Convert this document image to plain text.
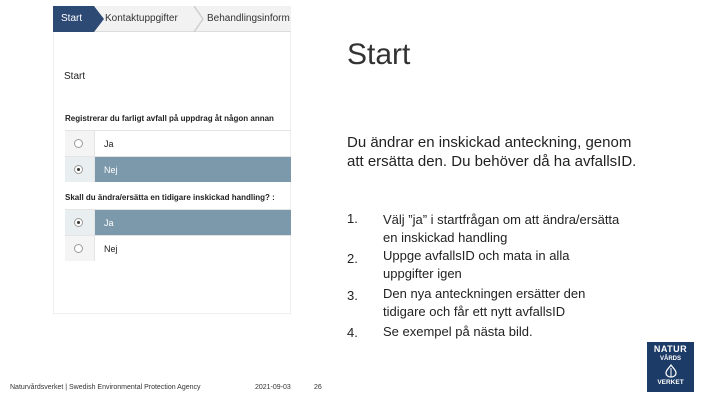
Start	Kontaktuppgifter	Behandlingsinform
Start
Registrerar du farligt avfall på uppdrag åt någon annan
Ja
Nej
Skall du ändra/ersätta en tidigare inskickad handling? :
Ja
Nej
Start
Du ändrar en inskickad anteckning, genom att ersätta den. Du behöver då ha avfallsID.
1. Välj ”ja” i startfrågan om att ändra/ersätta en inskickad handling
2. Uppge avfallsID och mata in alla uppgifter igen
3. Den nya anteckningen ersätter den tidigare och får ett nytt avfallsID
4. Se exempel på nästa bild.
Naturvårdsverket | Swedish Environmental Protection Agency	2021-09-03	26
NATUR
VÅRDS
VERKET
